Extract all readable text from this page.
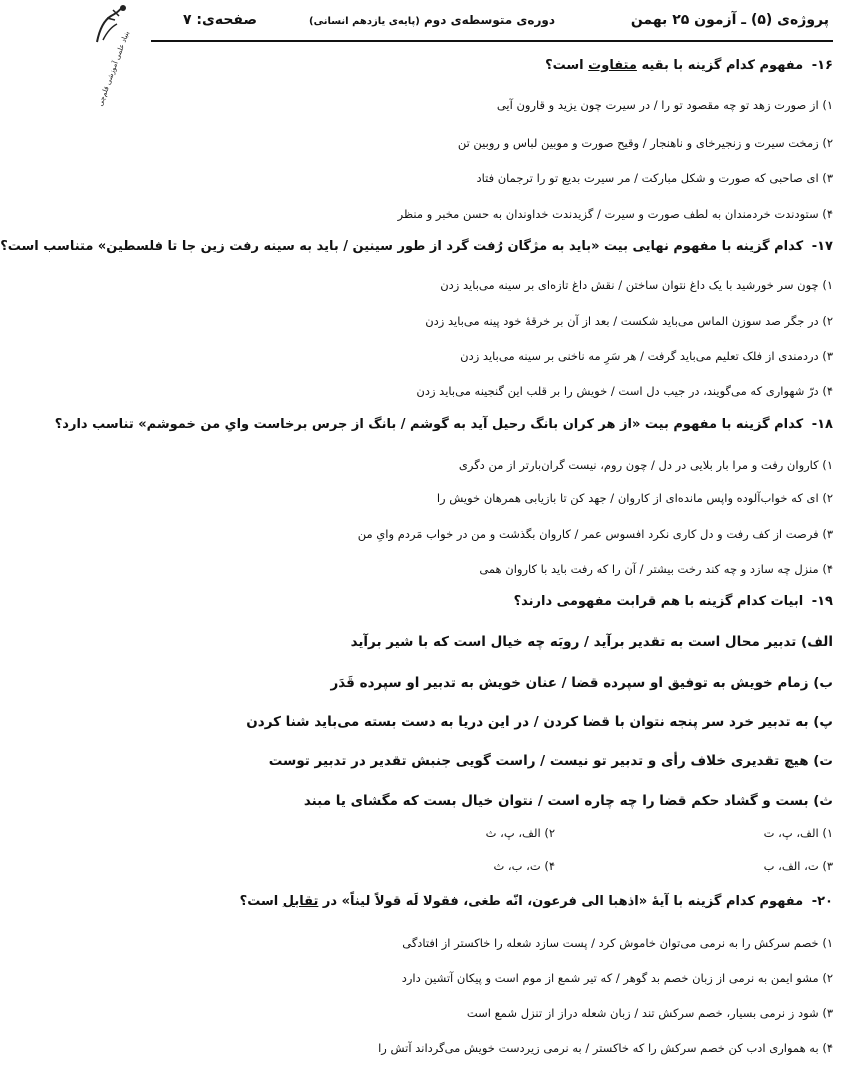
پروژه‌ی (۵) ـ آزمون ۲۵ بهمن
دوره‌ی متوسطه‌ی دوم (پایه‌ی یازدهم انسانی)
صفحه‌ی: ۷
بنیاد علمی آموزشی قلم‌چی	۱۶- مفهوم کدام گزینه با بقیه متفاوت است؟
۱) از صورت زهد تو چه مقصود تو را / در سیرت چون یزید و قارون آیی
۲) زمخت سیرت و زنجیرخای و ناهنجار / وقیح صورت و موبین لباس و روبین تن
۳) ای صاحبی که صورت و شکل مبارکت / مر سیرت بدیع تو را ترجمان فتاد
۴) ستودندت خردمندان به لطف صورت و سیرت / گزیدندت خداوندان به حسن مخبر و منظر
۱۷- کدام گزینه با مفهوم نهایی بیت «باید به مژگان رُفت گرد از طور سینین / باید به سینه رفت زین جا تا فلسطین» متناسب است؟
۱) چون سر خورشید با یک داغ نتوان ساختن / نقش داغ تازه‌ای بر سینه می‌باید زدن
۲) در جگر صد سوزن الماس می‌باید شکست / بعد از آن بر خرقهٔ خود پینه می‌باید زدن
۳) دردمندی از فلک تعلیم می‌باید گرفت / هر سَرِ مه ناخنی بر سینه می‌باید زدن
۴) درّ شهواری که می‌گویند، در جیب دل است / خویش را بر قلب این گنجینه می‌باید زدن
۱۸- کدام گزینه با مفهوم بیت «از هر کران بانگ رحیل آید به گوشم / بانگ از جرس برخاست وایِ من خموشم» تناسب دارد؟
۱) کاروان رفت و مرا بار بلایی در دل / چون روم، نیست گران‌بارتر از من دگری
۲) ای که خواب‌آلوده واپس مانده‌ای از کاروان / جهد کن تا بازیابی همرهان خویش را
۳) فرصت از کف رفت و دل کاری نکرد افسوس عمر / کاروان بگذشت و من در خواب مَردم وایِ من
۴) منزل چه سازد و چه کند رخت بیشتر / آن را که رفت باید با کاروان همی
۱۹- ابیات کدام گزینه با هم قرابت مفهومی دارند؟
الف) تدبیر محال است به تقدیر برآید / روبَه چه خیال است که با شیر برآید
ب) زمام خویش به توفیق او سپرده قضا / عنان خویش به تدبیر او سپرده قَدَر
پ) به تدبیر خرد سر پنجه نتوان با قضا کردن / در این دریا به دست بسته می‌باید شنا کردن
ت) هیچ تقدیری خلاف رأی و تدبیر تو نیست / راست گویی جنبش تقدیر در تدبیر توست
ث) بست و گشاد حکم قضا را چه چاره است / نتوان خیال بست که مگشای یا مبند
۱) الف، پ، ت
۲) الف، پ، ث
۳) ت، الف، ب
۴) ت، ب، ث
۲۰- مفهوم کدام گزینه با آیهٔ «اذهبا الی فرعون، انّه طغی، فقولا لَه قولاً لیناً» در تقابل است؟
۱) خصم سرکش را به نرمی می‌توان خاموش کرد / پست سازد شعله را خاکستر از افتادگی
۲) مشو ایمن به نرمی از زبان خصم بد گوهر / که تیر شمع از موم است و پیکان آتشین دارد
۳) شود ز نرمی بسیار، خصم سرکش تند / زبان شعله دراز از تنزل شمع است
۴) به همواری ادب کن خصم سرکش را که خاکستر / به نرمی زیردست خویش می‌گرداند آتش را
